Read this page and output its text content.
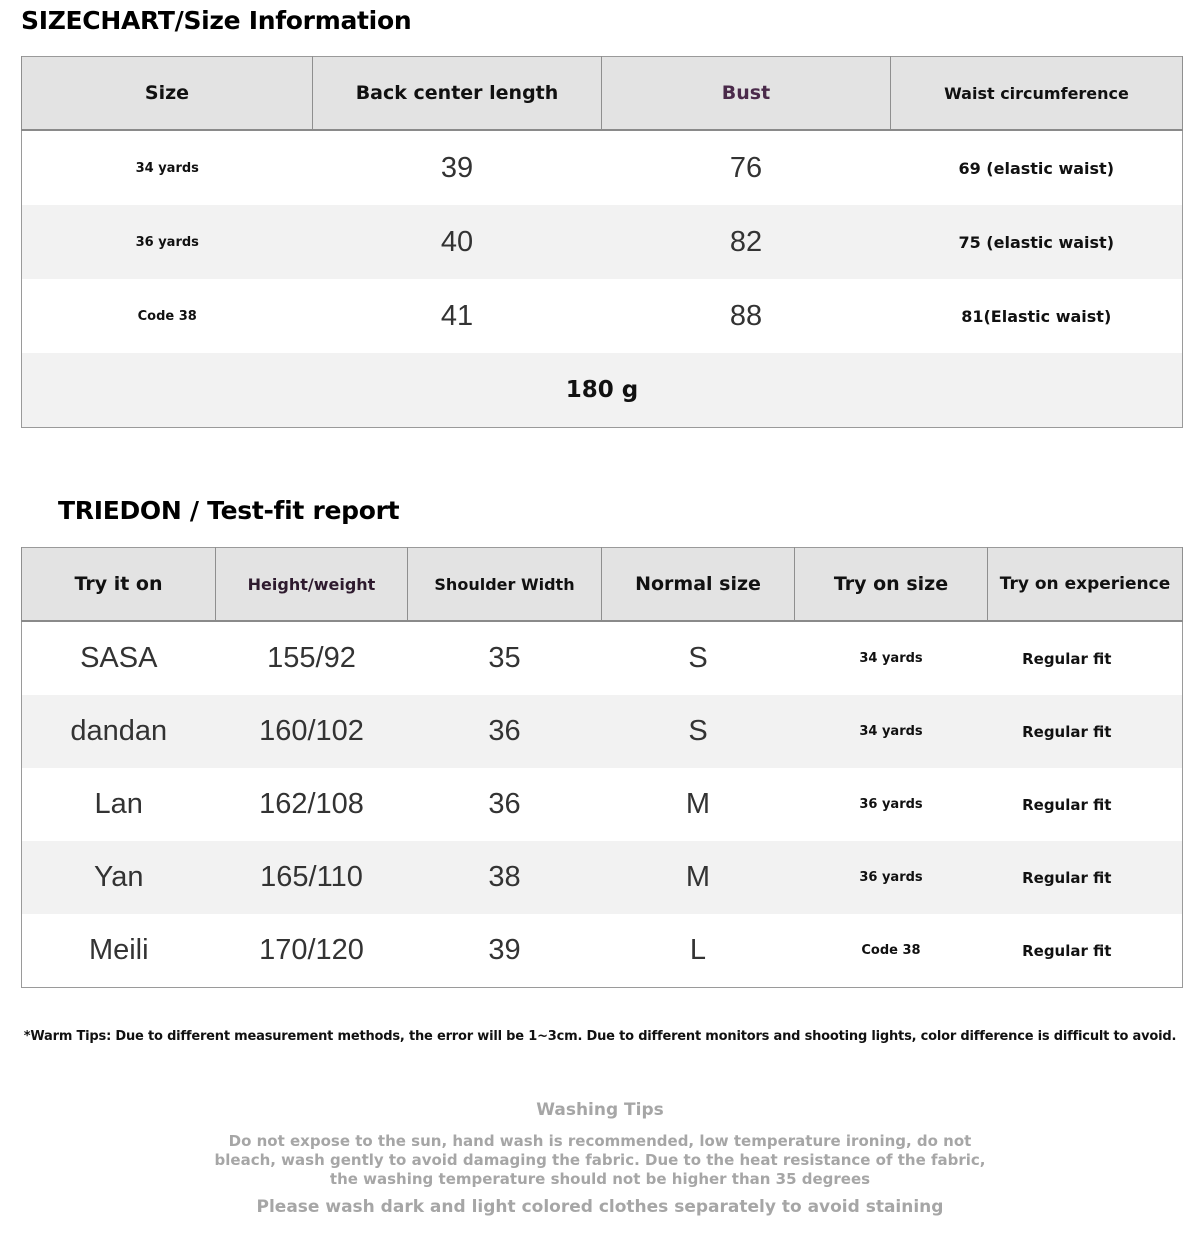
SIZECHART/Size Information
Size	Back center length	Bust	Waist circumference
34 yards	39	76	69 (elastic waist)
36 yards	40	82	75 (elastic waist)
Code 38	41	88	81(Elastic waist)
180 g			
TRIEDON / Test-fit report
Try it on	Height/weight	Shoulder Width	Normal size	Try on size	Try on experience
SASA	155/92	35	S	34 yards	Regular fit
dandan	160/102	36	S	34 yards	Regular fit
Lan	162/108	36	M	36 yards	Regular fit
Yan	165/110	38	M	36 yards	Regular fit
Meili	170/120	39	L	Code 38	Regular fit
*Warm Tips: Due to different measurement methods, the error will be 1~3cm. Due to different monitors and shooting lights, color difference is difficult to avoid.
Washing Tips
Do not expose to the sun, hand wash is recommended, low temperature ironing, do not
bleach, wash gently to avoid damaging the fabric. Due to the heat resistance of the fabric,
the washing temperature should not be higher than 35 degrees
Please wash dark and light colored clothes separately to avoid staining
